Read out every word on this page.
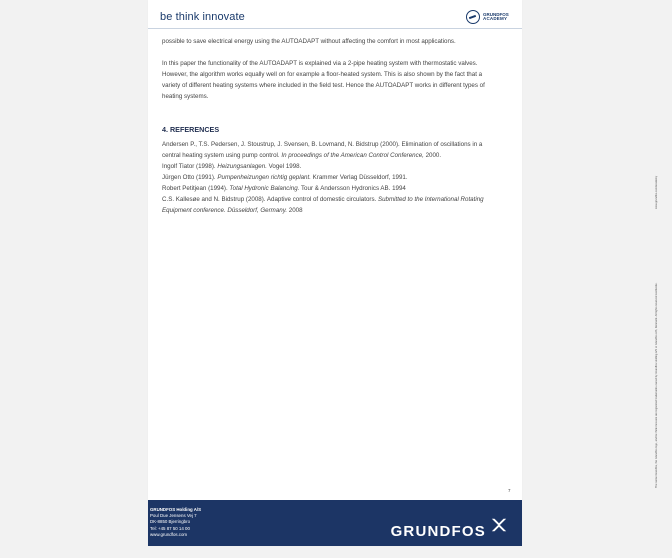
be think innovate	GRUNDFOS
ACADEMY

possible to save electrical energy using the AUTOADAPT without affecting the comfort in most applications.

In this paper the functionality of the AUTOADAPT is explained via a 2-pipe heating system with thermostatic valves. However, the algorithm works equally well on for example a floor-heated system. This is also shown by the fact that a variety of different heating systems where included in the field test. Hence the AUTOADAPT works in different types of heating systems.

4. REFERENCES

Andersen P., T.S. Pedersen, J. Stoustrup, J. Svensen, B. Lovmand, N. Bidstrup (2000). Elimination of oscillations in a central heating system using pump control. In proceedings of the American Control Conference, 2000.

Ingolf Tiator (1998). Heizungsanlagen. Vogel 1998.

Jürgen Otto (1991). Pumpenheizungen richtig geplant. Krammer Verlag Düsseldorf, 1991.

Robert Petitjean (1994). Total Hydronic Balancing. Tour & Andersson Hydronics AB. 1994

C.S. Kallesøe and N. Bidstrup (2008). Adaptive control of domestic circulators. Submitted to the International Rotating Equipment conference. Düsseldorf, Germany. 2008

The name Grundfos, the Grundfos logo, and be think innovate are registered trademarks owned by Grundfos Holding A/S or Grundfos A/S, Denmark. All rights reserved worldwide.
www.grundfos.com/academy
7
GRUNDFOS Holding A/S
Poul Due Jensens Vej 7
DK-8850 Bjerringbro
Tel: +45 87 50 14 00
www.grundfos.com	GRUNDFOS
